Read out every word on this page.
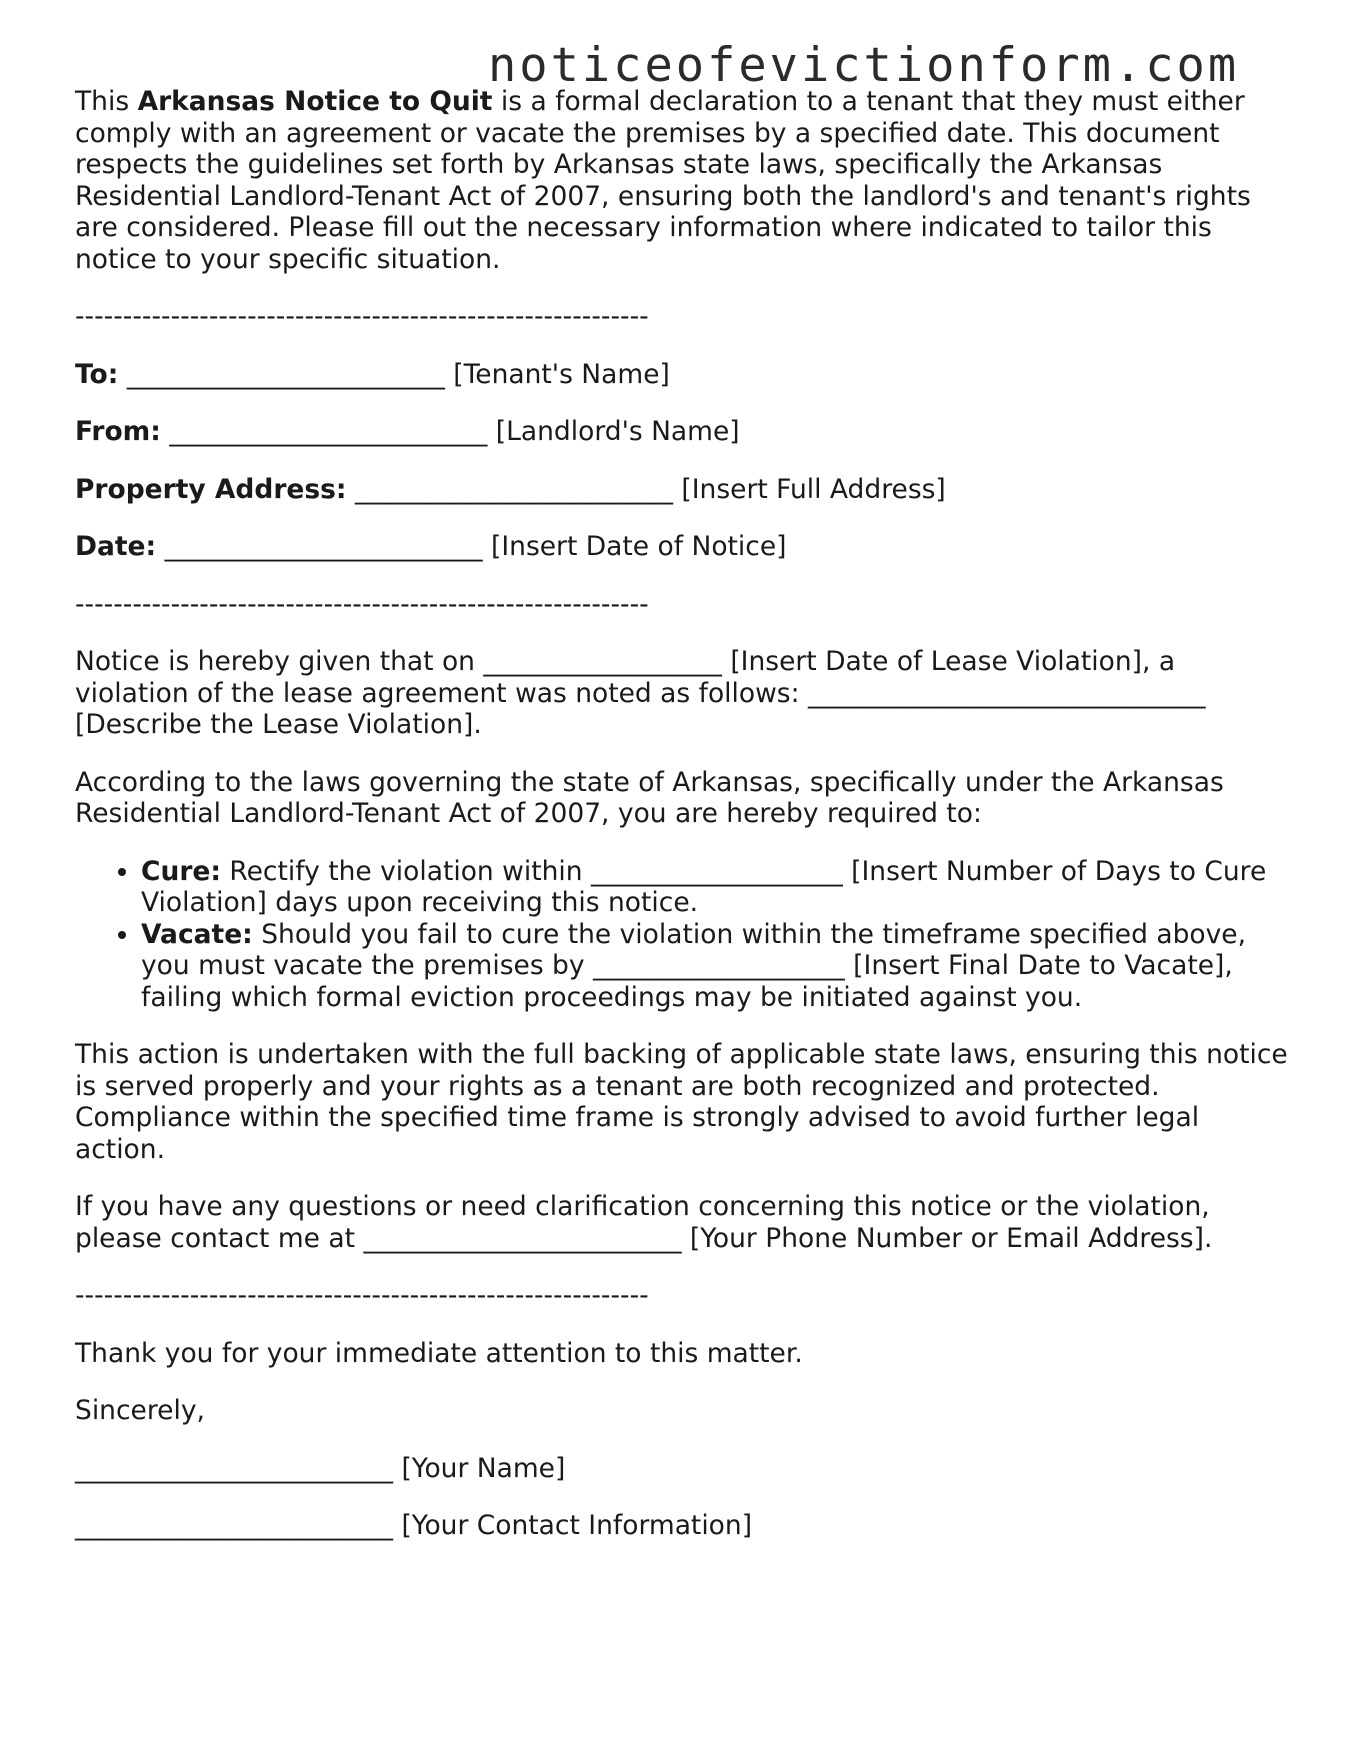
noticeofevictionform.com

This Arkansas Notice to Quit is a formal declaration to a tenant that they must either comply with an agreement or vacate the premises by a specified date. This document respects the guidelines set forth by Arkansas state laws, specifically the Arkansas Residential Landlord-Tenant Act of 2007, ensuring both the landlord's and tenant's rights are considered. Please fill out the necessary information where indicated to tailor this notice to your specific situation.

------------------------------------------------------------
To: ________________________ [Tenant's Name]
From: ________________________ [Landlord's Name]
Property Address: ________________________ [Insert Full Address]
Date: ________________________ [Insert Date of Notice]
------------------------------------------------------------

Notice is hereby given that on __________________ [Insert Date of Lease Violation], a violation of the lease agreement was noted as follows: ______________________________ [Describe the Lease Violation].

According to the laws governing the state of Arkansas, specifically under the Arkansas Residential Landlord-Tenant Act of 2007, you are hereby required to:

• Cure: Rectify the violation within ___________________ [Insert Number of Days to Cure Violation] days upon receiving this notice.
• Vacate: Should you fail to cure the violation within the timeframe specified above, you must vacate the premises by ___________________ [Insert Final Date to Vacate], failing which formal eviction proceedings may be initiated against you.

This action is undertaken with the full backing of applicable state laws, ensuring this notice is served properly and your rights as a tenant are both recognized and protected. Compliance within the specified time frame is strongly advised to avoid further legal action.

If you have any questions or need clarification concerning this notice or the violation, please contact me at ________________________ [Your Phone Number or Email Address].

------------------------------------------------------------

Thank you for your immediate attention to this matter.

Sincerely,

________________________ [Your Name]
________________________ [Your Contact Information]
